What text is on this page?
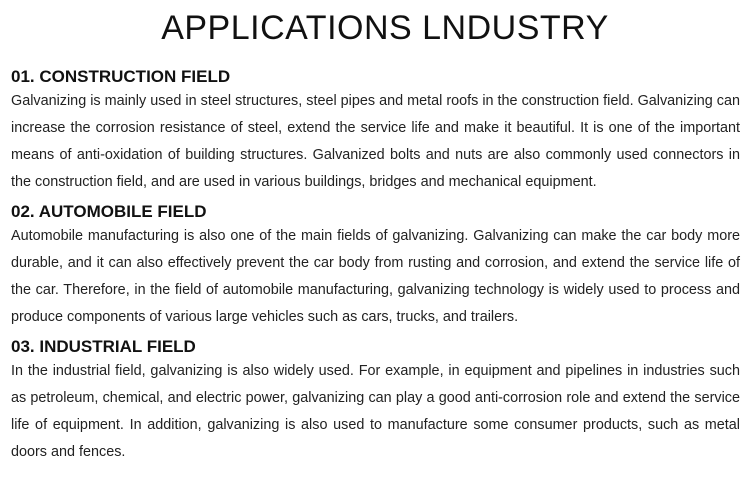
APPLICATIONS LNDUSTRY
01. CONSTRUCTION FIELD
Galvanizing is mainly used in steel structures, steel pipes and metal roofs in the construction field. Galvanizing can increase the corrosion resistance of steel, extend the service life and make it beautiful. It is one of the important means of anti-oxidation of building structures. Galvanized bolts and nuts are also commonly used connectors in the construction field, and are used in various buildings, bridges and mechanical equipment.
02. AUTOMOBILE FIELD
Automobile manufacturing is also one of the main fields of galvanizing. Galvanizing can make the car body more durable, and it can also effectively prevent the car body from rusting and corrosion, and extend the service life of the car. Therefore, in the field of automobile manufacturing, galvanizing technology is widely used to process and produce components of various large vehicles such as cars, trucks, and trailers.
03. INDUSTRIAL FIELD
In the industrial field, galvanizing is also widely used. For example, in equipment and pipelines in industries such as petroleum, chemical, and electric power, galvanizing can play a good anti-corrosion role and extend the service life of equipment. In addition, galvanizing is also used to manufacture some consumer products, such as metal doors and fences.
